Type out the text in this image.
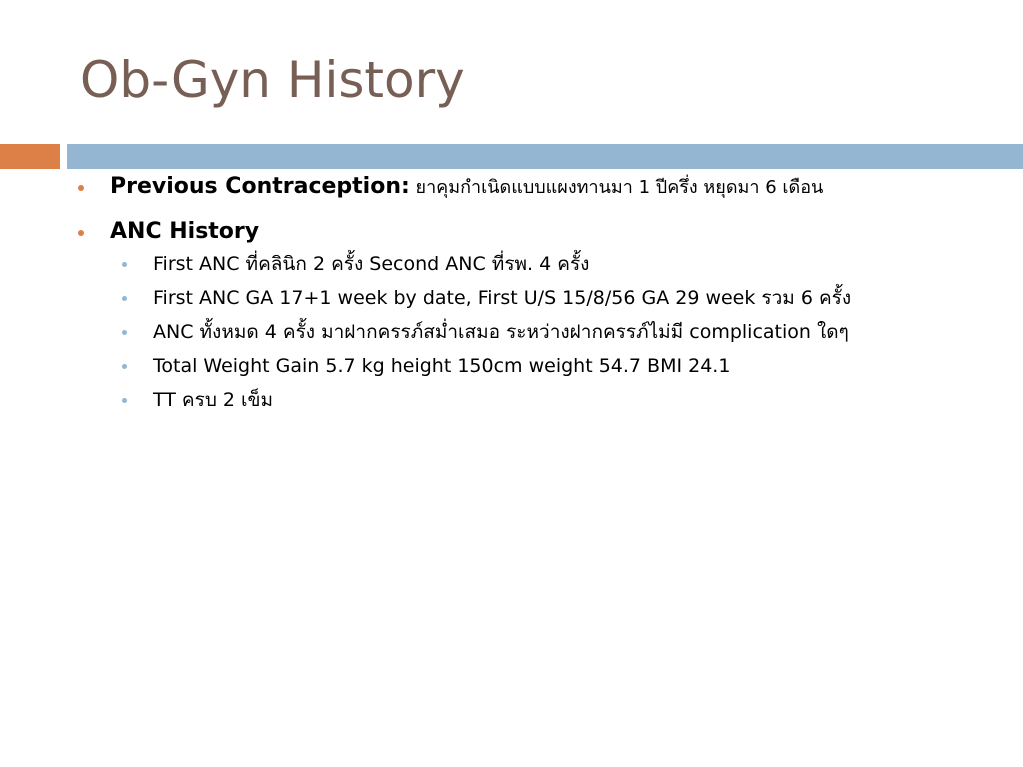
Ob-Gyn History
Previous Contraception: ยาคุมกำเนิดแบบแผงทานมา 1 ปีครึ่ง หยุดมา 6 เดือน
ANC History
First ANC ที่คลินิก 2 ครั้ง Second ANC ที่รพ. 4 ครั้ง
First ANC GA 17+1 week by date, First U/S 15/8/56 GA 29 week รวม 6 ครั้ง
ANC ทั้งหมด 4 ครั้ง มาฝากครรภ์สม่ำเสมอ ระหว่างฝากครรภ์ไม่มี complication ใดๆ
Total Weight Gain 5.7 kg height 150cm weight 54.7 BMI 24.1
TT ครบ 2 เข็ม
